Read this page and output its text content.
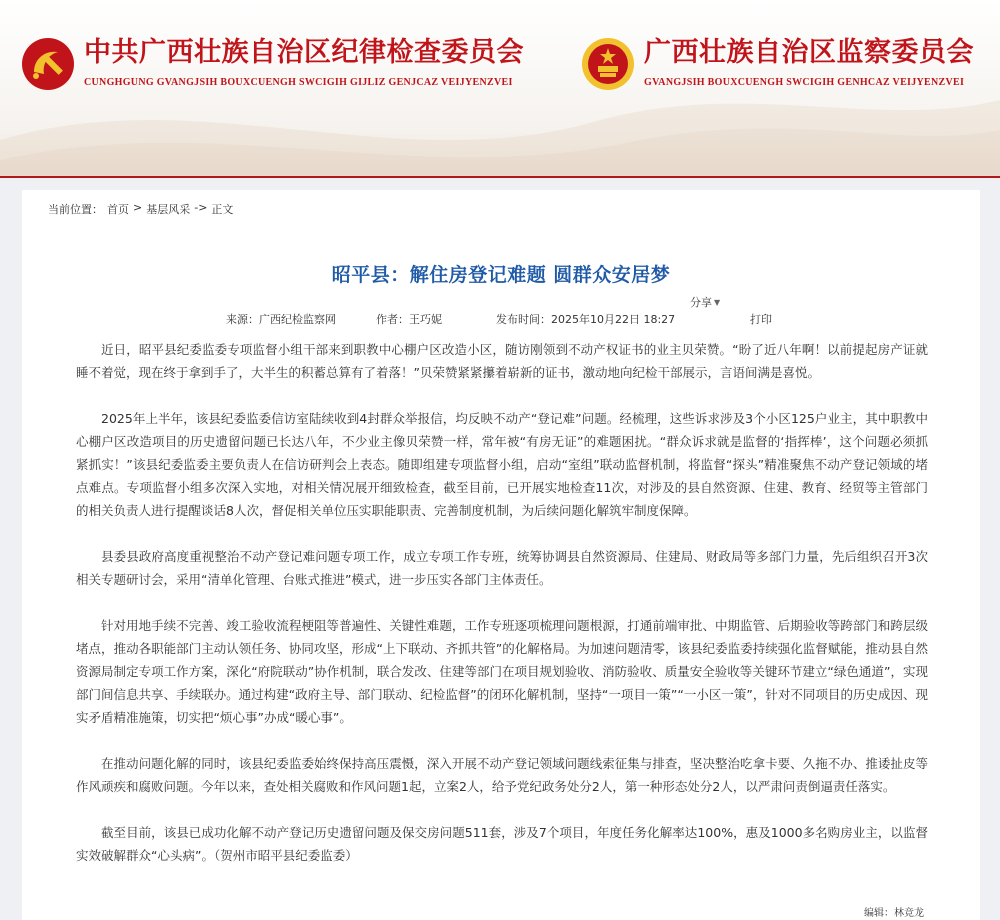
中共广西壮族自治区纪律检查委员会
CUNGHGUNG GVANGJSIH BOUXCUENGH SWCIGIH GIJLIZ GENJCAZ VEIJYENZVEI
广西壮族自治区监察委员会
GVANGJSIH BOUXCUENGH SWCIGIH GENHCAZ VEIJYENZVEI
当前位置： 首页 > 基层风采 -> 正文
昭平县：解住房登记难题 圆群众安居梦
分享 ▼
来源：广西纪检监察网	作者：王巧妮	发布时间：2025年10月22日 18:27	打印

近日，昭平县纪委监委专项监督小组干部来到职教中心棚户区改造小区，随访刚领到不动产权证书的业主贝荣赞。“盼了近八年啊！以前提起房产证就睡不着觉，现在终于拿到手了，大半生的积蓄总算有了着落！”贝荣赞紧紧攥着崭新的证书，激动地向纪检干部展示，言语间满是喜悦。

2025年上半年，该县纪委监委信访室陆续收到4封群众举报信，均反映不动产“登记难”问题。经梳理，这些诉求涉及3个小区125户业主，其中职教中心棚户区改造项目的历史遗留问题已长达八年，不少业主像贝荣赞一样，常年被“有房无证”的难题困扰。“群众诉求就是监督的‘指挥棒’，这个问题必须抓紧抓实！”该县纪委监委主要负责人在信访研判会上表态。随即组建专项监督小组，启动“室组”联动监督机制，将监督“探头”精准聚焦不动产登记领域的堵点难点。专项监督小组多次深入实地，对相关情况展开细致检查，截至目前，已开展实地检查11次，对涉及的县自然资源、住建、教育、经贸等主管部门的相关负责人进行提醒谈话8人次，督促相关单位压实职能职责、完善制度机制，为后续问题化解筑牢制度保障。

县委县政府高度重视整治不动产登记难问题专项工作，成立专项工作专班，统筹协调县自然资源局、住建局、财政局等多部门力量，先后组织召开3次相关专题研讨会，采用“清单化管理、台账式推进”模式，进一步压实各部门主体责任。

针对用地手续不完善、竣工验收流程梗阻等普遍性、关键性难题，工作专班逐项梳理问题根源，打通前端审批、中期监管、后期验收等跨部门和跨层级堵点，推动各职能部门主动认领任务、协同攻坚，形成“上下联动、齐抓共管”的化解格局。为加速问题清零，该县纪委监委持续强化监督赋能，推动县自然资源局制定专项工作方案，深化“府院联动”协作机制，联合发改、住建等部门在项目规划验收、消防验收、质量安全验收等关键环节建立“绿色通道”，实现部门间信息共享、手续联办。通过构建“政府主导、部门联动、纪检监督”的闭环化解机制，坚持“一项目一策”“一小区一策”，针对不同项目的历史成因、现实矛盾精准施策，切实把“烦心事”办成“暖心事”。

在推动问题化解的同时，该县纪委监委始终保持高压震慑，深入开展不动产登记领域问题线索征集与排查，坚决整治吃拿卡要、久拖不办、推诿扯皮等作风顽疾和腐败问题。今年以来，查处相关腐败和作风问题1起，立案2人，给予党纪政务处分2人，第一种形态处分2人，以严肃问责倒逼责任落实。

截至目前，该县已成功化解不动产登记历史遗留问题及保交房问题511套，涉及7个项目，年度任务化解率达100%，惠及1000多名购房业主，以监督实效破解群众“心头病”。（贺州市昭平县纪委监委）

编辑：林竞龙
